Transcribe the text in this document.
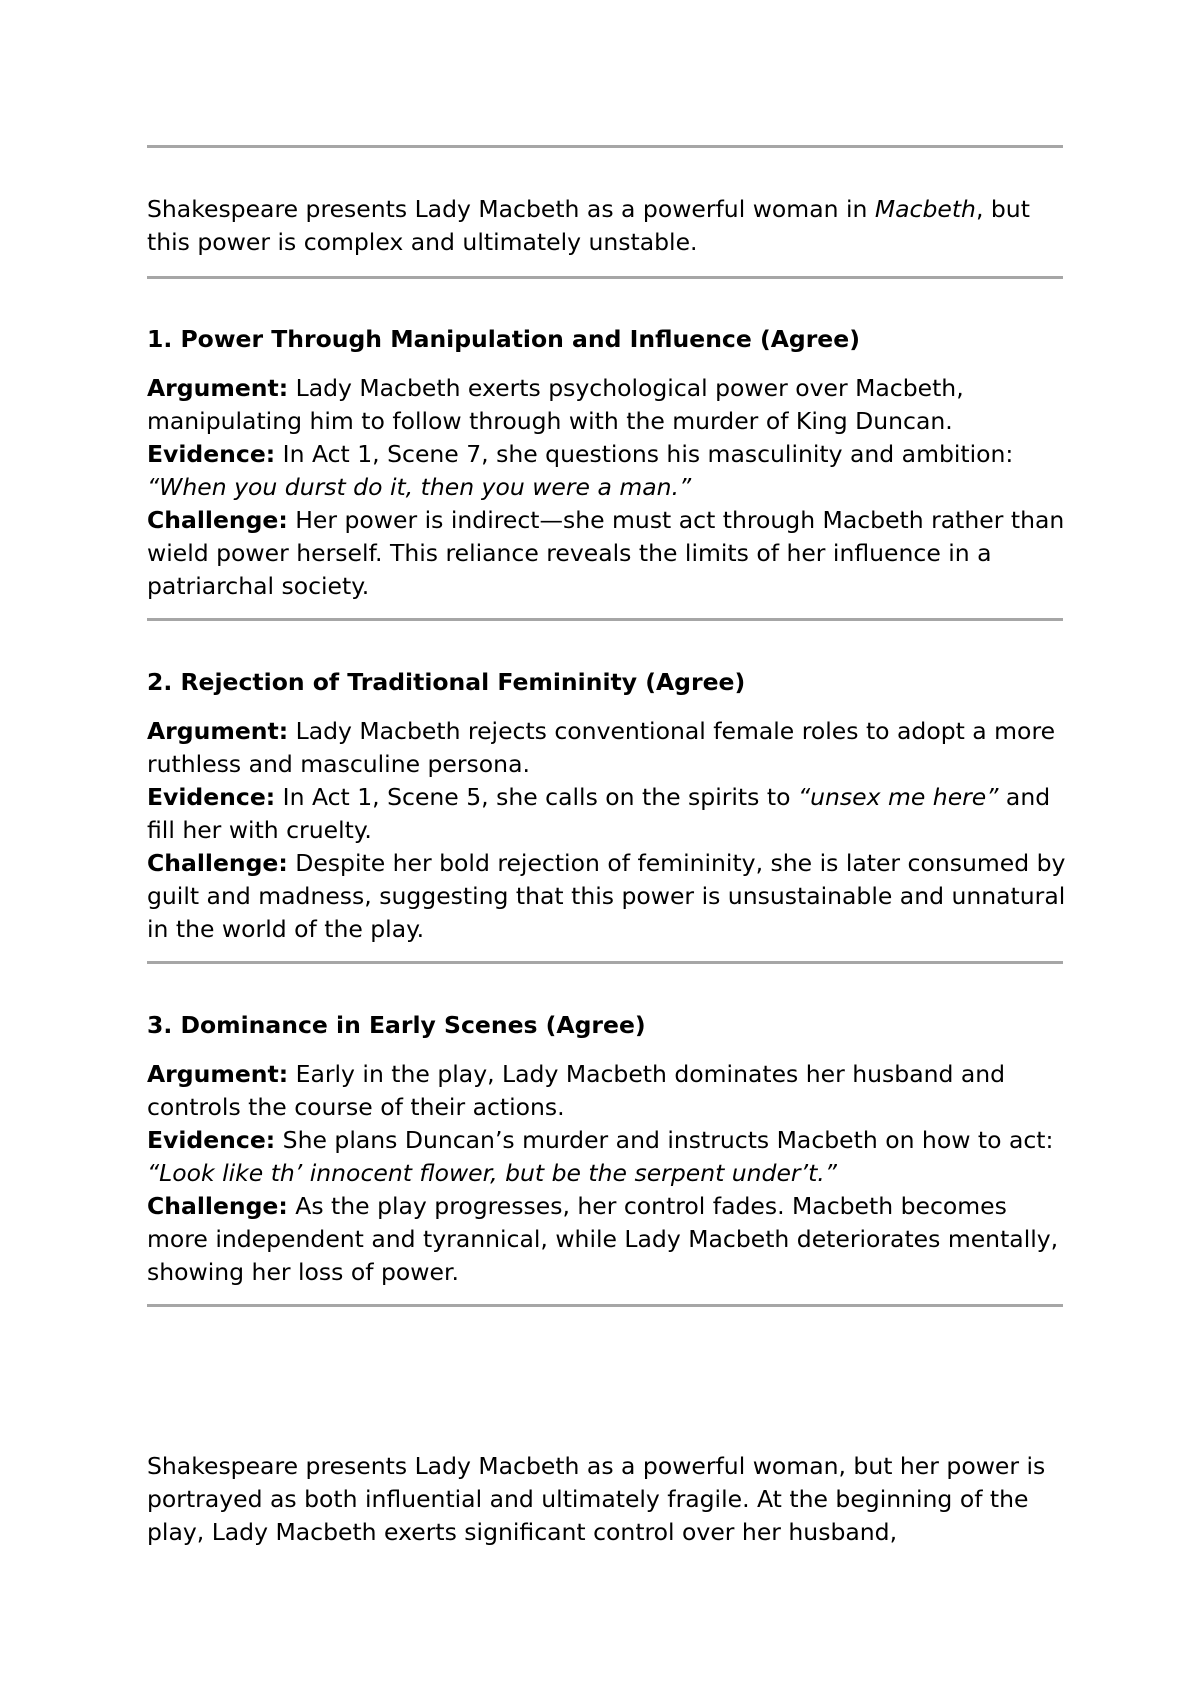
Shakespeare presents Lady Macbeth as a powerful woman in Macbeth, but this power is complex and ultimately unstable.

1. Power Through Manipulation and Influence (Agree)

Argument: Lady Macbeth exerts psychological power over Macbeth, manipulating him to follow through with the murder of King Duncan.

Evidence: In Act 1, Scene 7, she questions his masculinity and ambition: “When you durst do it, then you were a man.”

Challenge: Her power is indirect—she must act through Macbeth rather than wield power herself. This reliance reveals the limits of her influence in a patriarchal society.

2. Rejection of Traditional Femininity (Agree)

Argument: Lady Macbeth rejects conventional female roles to adopt a more ruthless and masculine persona.

Evidence: In Act 1, Scene 5, she calls on the spirits to “unsex me here” and fill her with cruelty.

Challenge: Despite her bold rejection of femininity, she is later consumed by guilt and madness, suggesting that this power is unsustainable and unnatural in the world of the play.

3. Dominance in Early Scenes (Agree)

Argument: Early in the play, Lady Macbeth dominates her husband and controls the course of their actions.

Evidence: She plans Duncan’s murder and instructs Macbeth on how to act: “Look like th’ innocent flower, but be the serpent under’t.”

Challenge: As the play progresses, her control fades. Macbeth becomes more independent and tyrannical, while Lady Macbeth deteriorates mentally, showing her loss of power.

Shakespeare presents Lady Macbeth as a powerful woman, but her power is portrayed as both influential and ultimately fragile. At the beginning of the play, Lady Macbeth exerts significant control over her husband,
